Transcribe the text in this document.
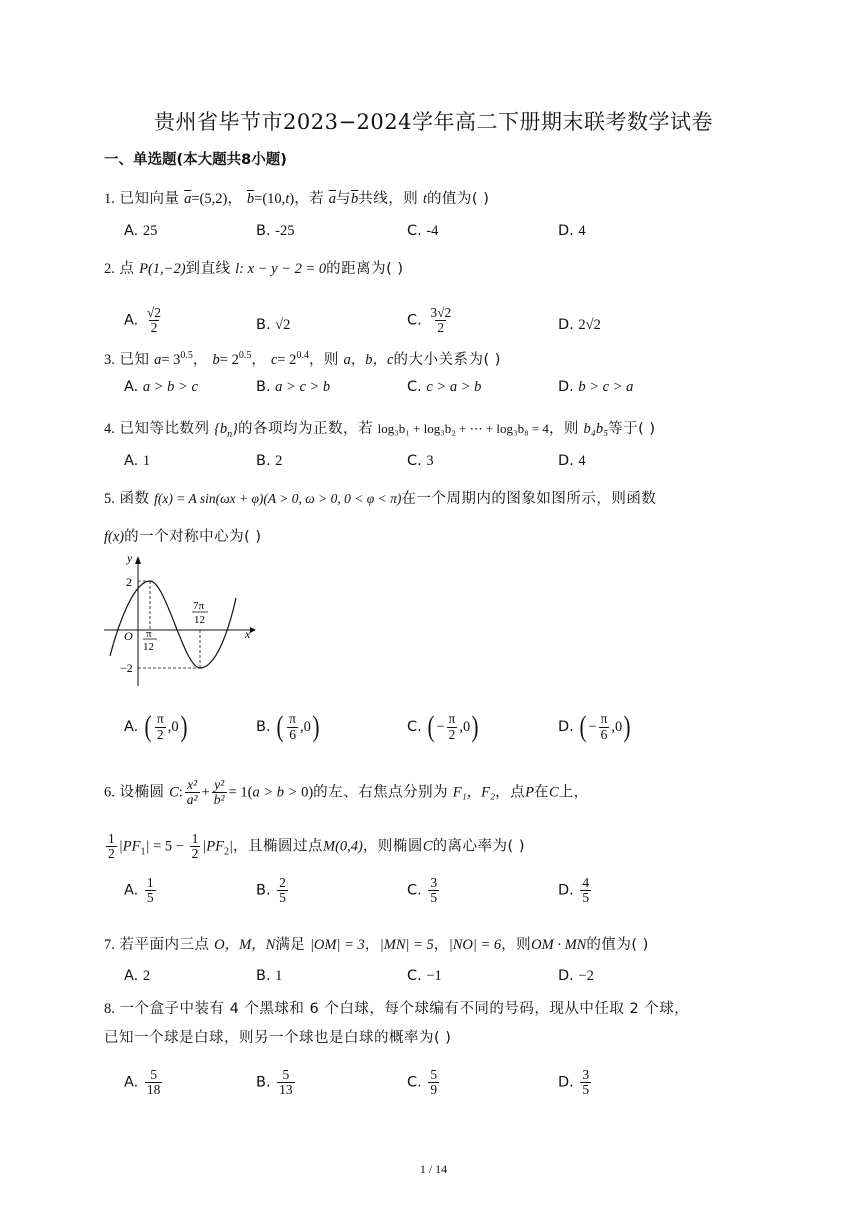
贵州省毕节市2023−2024学年高二下册期末联考数学试卷
一、单选题(本大题共8小题)
1. 已知向量 $\overline{a}=(5,2)$， $\overline{b}=(10,t)$，若 $\overline{a}$与$\overline{b}$共线，则 t的值为( )
A. 25	B. -25	C. -4	D. 4
2. 点 P(1,−2)到直线 l: x − y − 2 = 0的距离为( )
A. $\frac{√2}{2}$	B. √2	C. $\frac{3√2}{2}$	D. 2√2
3. 已知 $a= 3^{0.5}$， $b= 2^{0.5}$， $c= 2^{0.4}$，则 a，b，c的大小关系为( )
A. a > b > c	B. a > c > b	C. c > a > b	D. b > c > a
4. 已知等比数列 $\{b_n\}$的各项均为正数，若 log₃b₁ + log₃b₂ + ⋯ + log₃b₈ = 4，则 b₄b₅等于( )
A. 1	B. 2	C. 3	D. 4
5. 函数 f(x) = A sin(ωx + φ)(A > 0, ω > 0, 0 < φ < π)在一个周期内的图象如图所示，则函数
f(x)的一个对称中心为( )
y
x
O
2
−2
π
12
7π
12
A. ( $\frac{\pi}{2} ,0$)	B. ( $\frac{\pi}{6} ,0$)	C. ( − $\frac{\pi}{2} ,0$)	D. ( − $\frac{\pi}{6} ,0$)
6. 设椭圆 C: $\frac{\text{x²}}{\text{a²}} + \frac{\text{y²}}{\text{b²}} = 1(a > b > 0)$的左、右焦点分别为 F₁，F₂，点P在C上，
$\frac{1}{2} |PF_1| = 5 - \frac{1}{2} |PF_2|$，且椭圆过点M(0,4)，则椭圆C的离心率为( )
A. $\frac{1}{5}$	B. $\frac{2}{5}$	C. $\frac{3}{5}$	D. $\frac{4}{5}$
7. 若平面内三点 O，M，N满足 |OM| = 3，|MN| = 5，|NO| = 6，则OM · MN的值为( )
A. 2	B. 1	C. −1	D. −2
8. 一个盒子中装有 4 个黑球和 6 个白球，每个球编有不同的号码，现从中任取 2 个球，
已知一个球是白球，则另一个球也是白球的概率为( )
A. $\frac{5}{18}$	B. $\frac{5}{13}$	C. $\frac{5}{9}$	D. $\frac{3}{5}$
1 / 14
